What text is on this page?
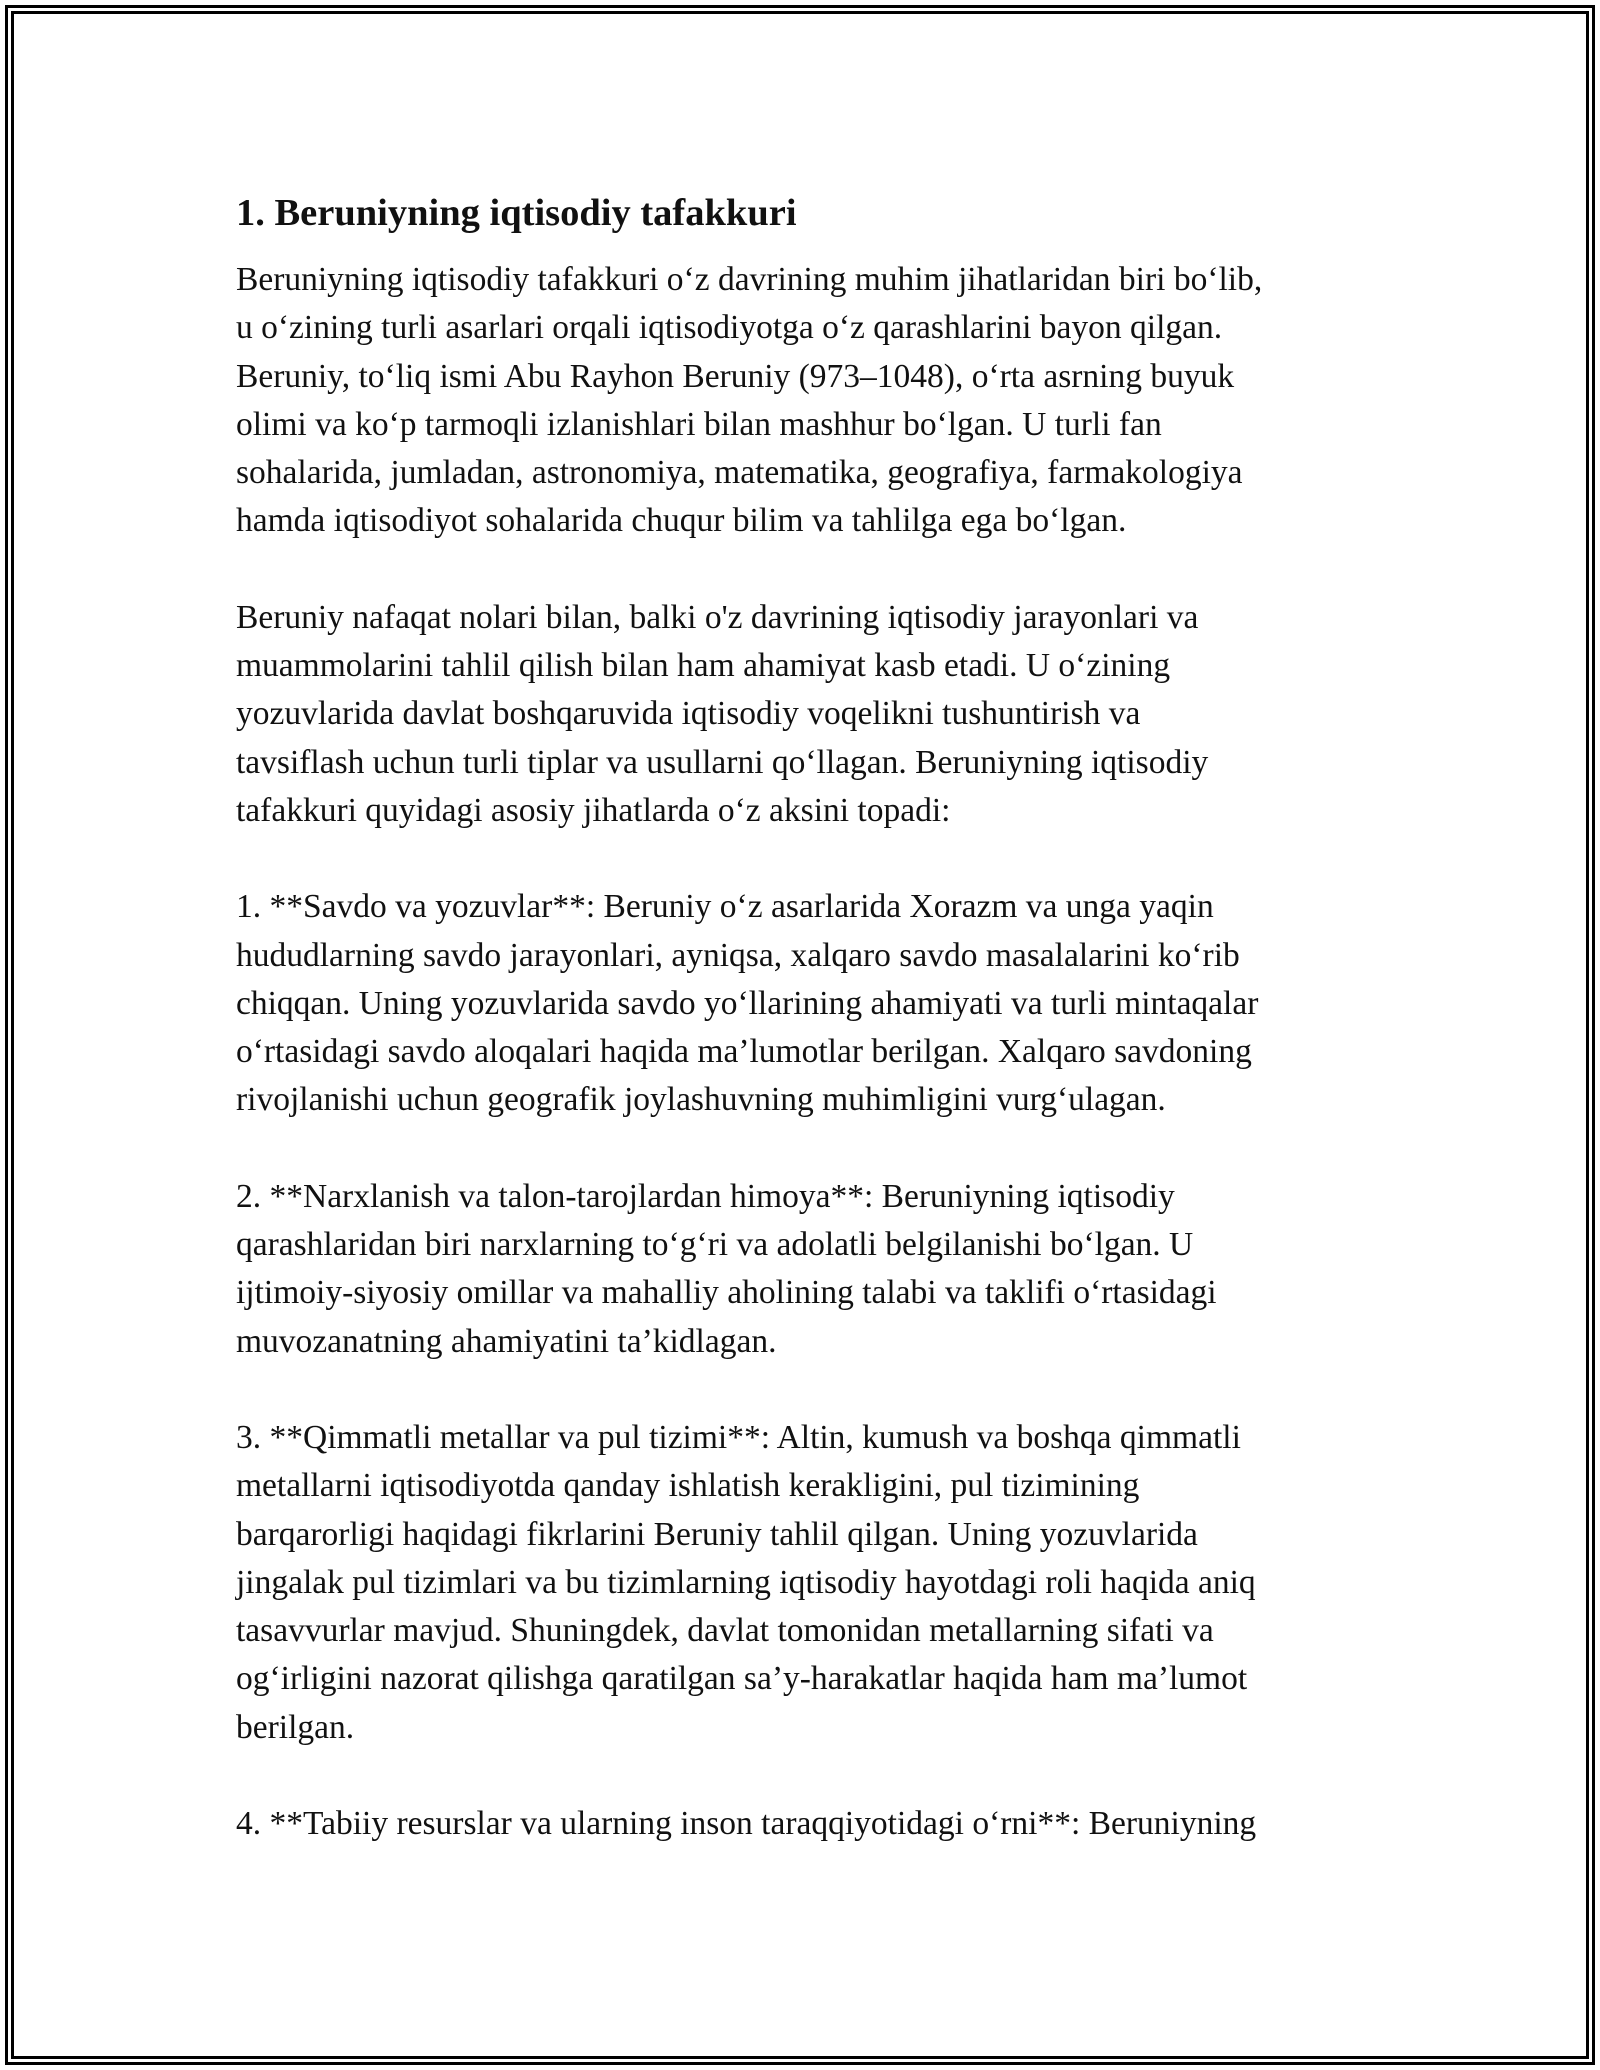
1. Beruniyning iqtisodiy tafakkuri
Beruniyning iqtisodiy tafakkuri o‘z davrining muhim jihatlaridan biri bo‘lib,
u o‘zining turli asarlari orqali iqtisodiyotga o‘z qarashlarini bayon qilgan.
Beruniy, to‘liq ismi Abu Rayhon Beruniy (973–1048), o‘rta asrning buyuk
olimi va ko‘p tarmoqli izlanishlari bilan mashhur bo‘lgan. U turli fan
sohalarida, jumladan, astronomiya, matematika, geografiya, farmakologiya
hamda iqtisodiyot sohalarida chuqur bilim va tahlilga ega bo‘lgan.
Beruniy nafaqat nolari bilan, balki o'z davrining iqtisodiy jarayonlari va
muammolarini tahlil qilish bilan ham ahamiyat kasb etadi. U o‘zining
yozuvlarida davlat boshqaruvida iqtisodiy voqelikni tushuntirish va
tavsiflash uchun turli tiplar va usullarni qo‘llagan. Beruniyning iqtisodiy
tafakkuri quyidagi asosiy jihatlarda o‘z aksini topadi:
1. **Savdo va yozuvlar**: Beruniy o‘z asarlarida Xorazm va unga yaqin
hududlarning savdo jarayonlari, ayniqsa, xalqaro savdo masalalarini ko‘rib
chiqqan. Uning yozuvlarida savdo yo‘llarining ahamiyati va turli mintaqalar
o‘rtasidagi savdo aloqalari haqida ma’lumotlar berilgan. Xalqaro savdoning
rivojlanishi uchun geografik joylashuvning muhimligini vurg‘ulagan.
2. **Narxlanish va talon-tarojlardan himoya**: Beruniyning iqtisodiy
qarashlaridan biri narxlarning to‘g‘ri va adolatli belgilanishi bo‘lgan. U
ijtimoiy-siyosiy omillar va mahalliy aholining talabi va taklifi o‘rtasidagi
muvozanatning ahamiyatini ta’kidlagan.
3. **Qimmatli metallar va pul tizimi**: Altin, kumush va boshqa qimmatli
metallarni iqtisodiyotda qanday ishlatish kerakligini, pul tizimining
barqarorligi haqidagi fikrlarini Beruniy tahlil qilgan. Uning yozuvlarida
jingalak pul tizimlari va bu tizimlarning iqtisodiy hayotdagi roli haqida aniq
tasavvurlar mavjud. Shuningdek, davlat tomonidan metallarning sifati va
og‘irligini nazorat qilishga qaratilgan sa’y-harakatlar haqida ham ma’lumot
berilgan.
4. **Tabiiy resurslar va ularning inson taraqqiyotidagi o‘rni**: Beruniyning
